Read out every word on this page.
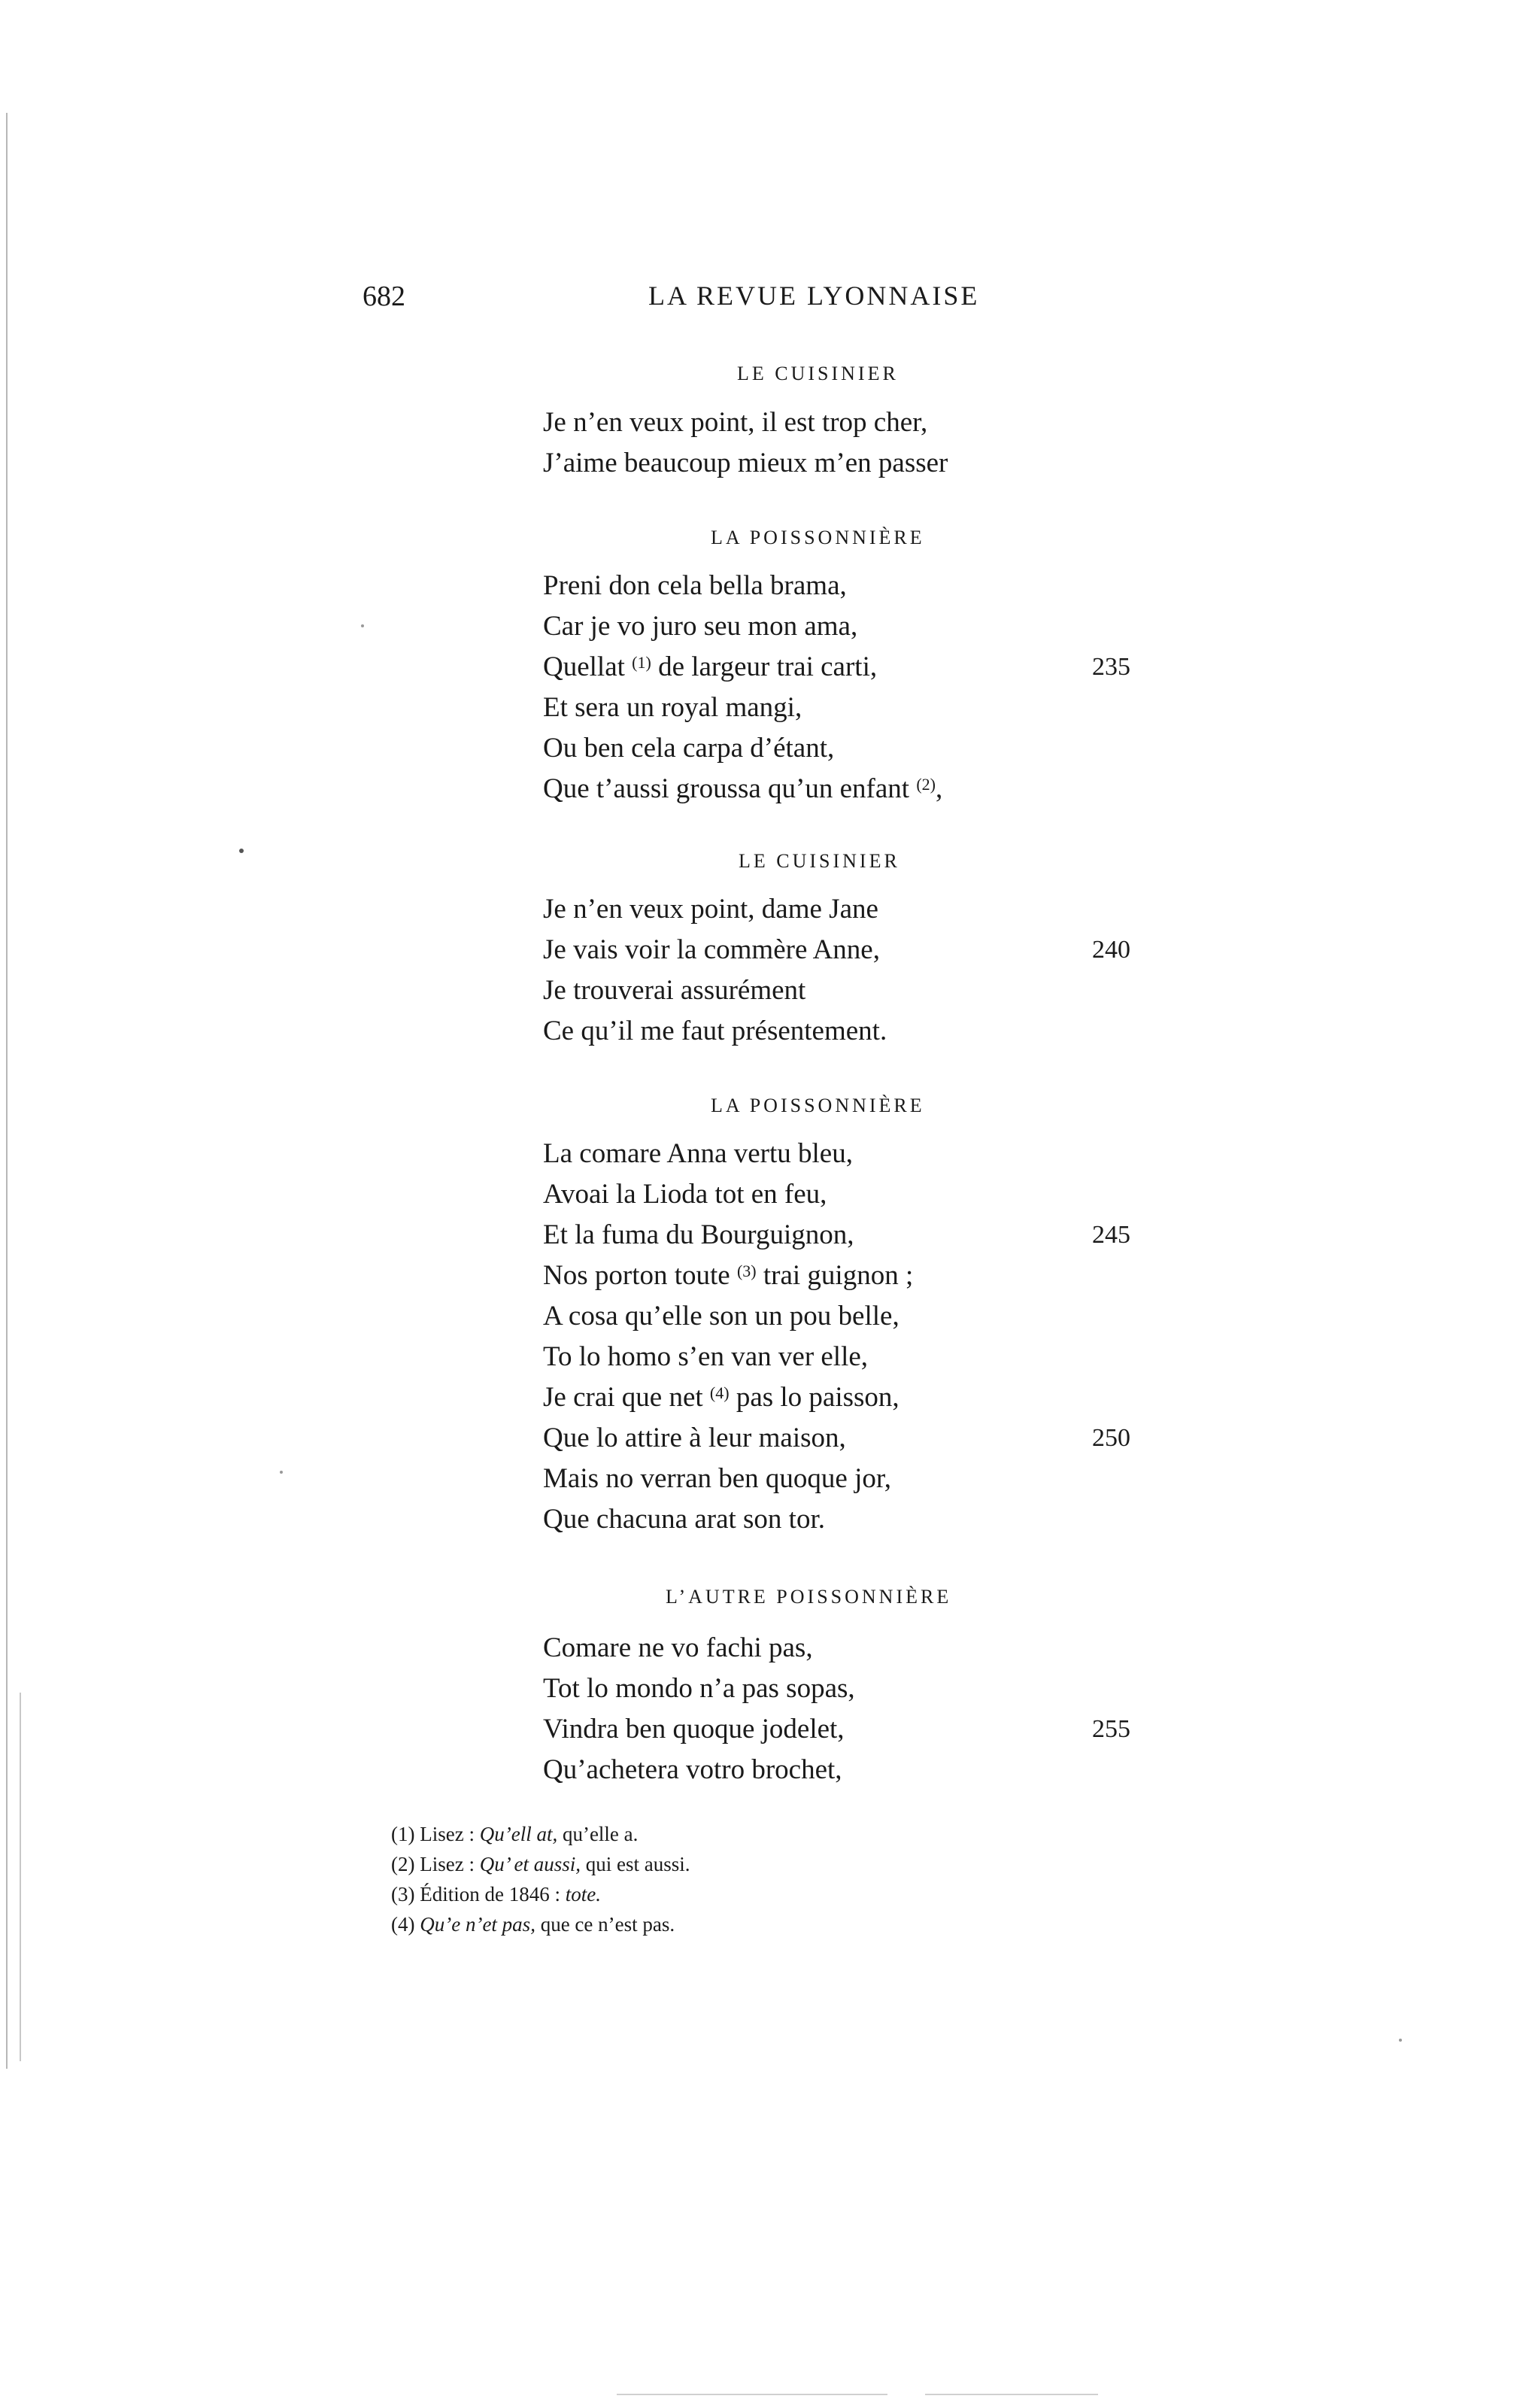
682	LA REVUE LYONNAISE
LE CUISINIER
Je n’en veux point, il est trop cher,
J’aime beaucoup mieux m’en passer
LA POISSONNIÈRE
Preni don cela bella brama,
Car je vo juro seu mon ama,
Quellat $^{(1)}$ de largeur trai carti,	235
Et sera un royal mangi,
Ou ben cela carpa d’étant,
Que t’aussi groussa qu’un enfant $^{(2)}$,
LE CUISINIER
Je n’en veux point, dame Jane
Je vais voir la commère Anne,	240
Je trouverai assurément
Ce qu’il me faut présentement.
LA POISSONNIÈRE
La comare Anna vertu bleu,
Avoai la Lioda tot en feu,
Et la fuma du Bourguignon,	245
Nos porton toute $^{(3)}$ trai guignon ;
A cosa qu’elle son un pou belle,
To lo homo s’en van ver elle,
Je crai que net $^{(4)}$ pas lo paisson,
Que lo attire à leur maison,	250
Mais no verran ben quoque jor,
Que chacuna arat son tor.
L’AUTRE POISSONNIÈRE
Comare ne vo fachi pas,
Tot lo mondo n’a pas sopas,
Vindra ben quoque jodelet,	255
Qu’achetera votro brochet,
(1) Lisez : Qu’ell at, qu’elle a.
(2) Lisez : Qu’ et aussi, qui est aussi.
(3) Édition de 1846 : tote.
(4) Qu’e n’et pas, que ce n’est pas.
